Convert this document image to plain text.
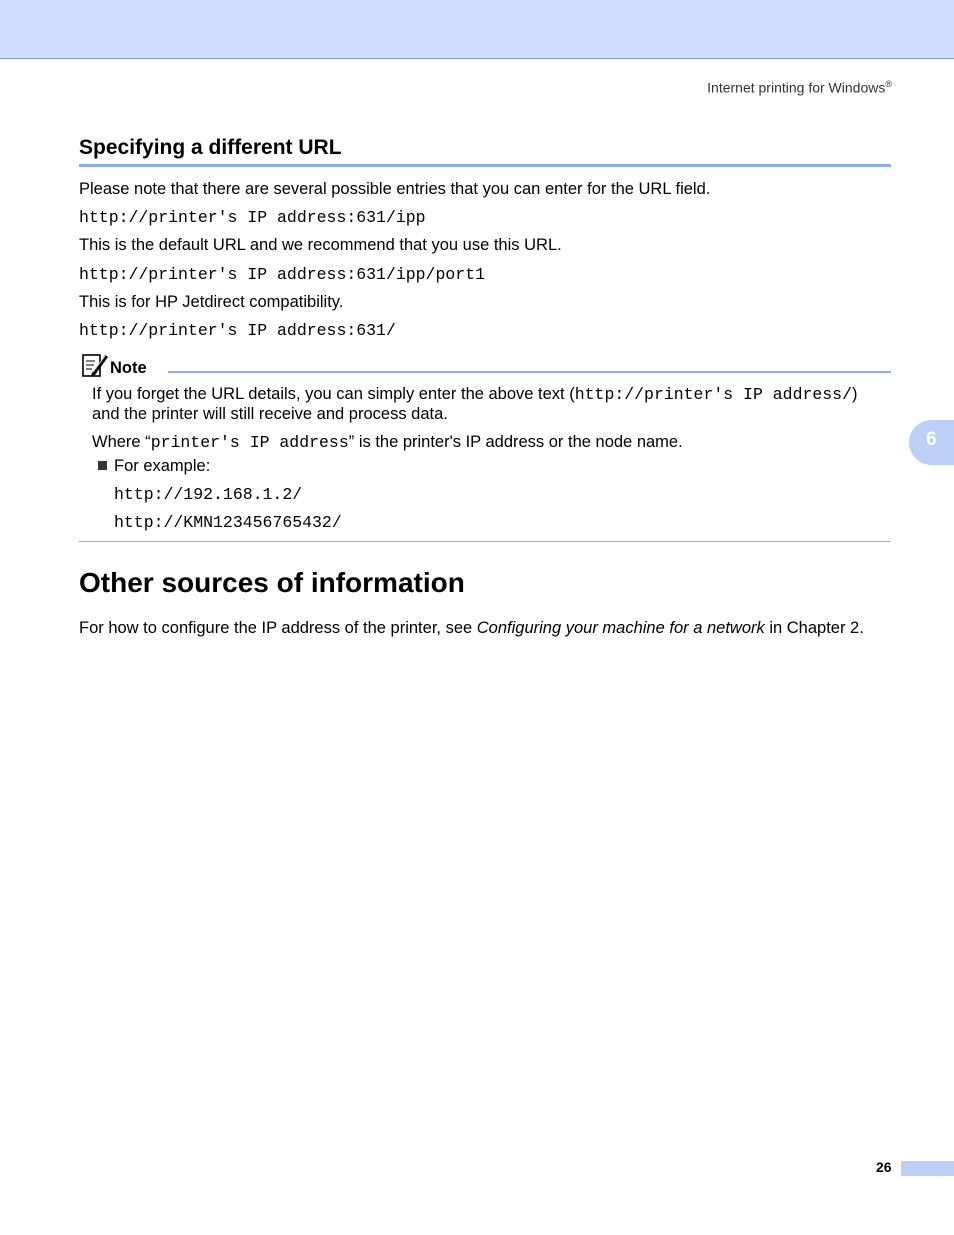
Internet printing for Windows®
Specifying a different URL
Please note that there are several possible entries that you can enter for the URL field.
http://printer's IP address:631/ipp
This is the default URL and we recommend that you use this URL.
http://printer's IP address:631/ipp/port1
This is for HP Jetdirect compatibility.
http://printer's IP address:631/
Note
If you forget the URL details, you can simply enter the above text (http://printer's IP address/)
and the printer will still receive and process data.
Where “printer's IP address” is the printer's IP address or the node name.
For example:
http://192.168.1.2/
http://KMN123456765432/
Other sources of information
For how to configure the IP address of the printer, see Configuring your machine for a network in Chapter 2.
6
26
